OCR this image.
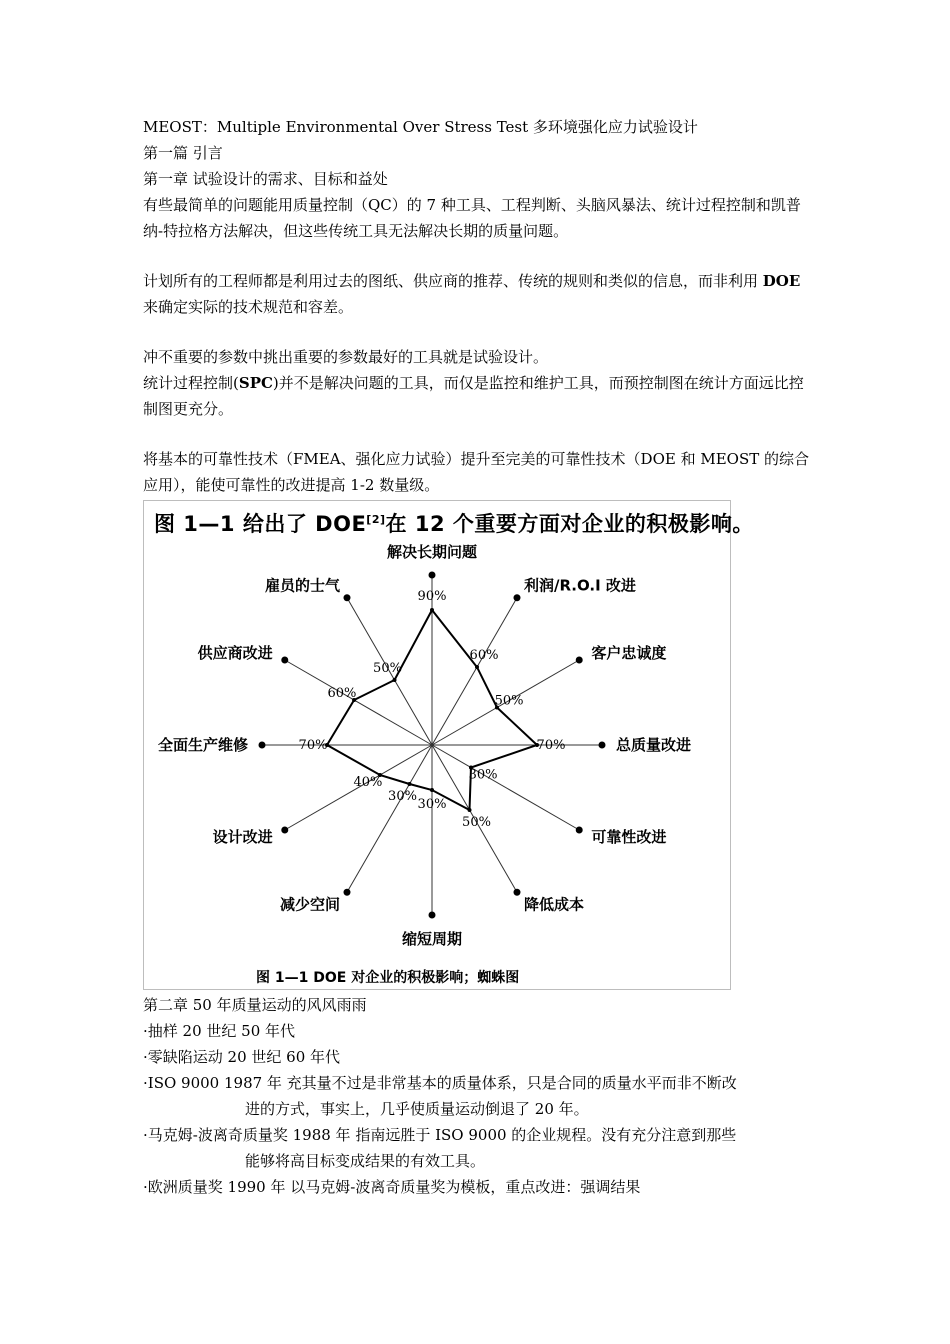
MEOST：Multiple Environmental Over Stress Test 多环境强化应力试验设计
第一篇 引言
第一章 试验设计的需求、目标和益处
有些最简单的问题能用质量控制（QC）的 7 种工具、工程判断、头脑风暴法、统计过程控制和凯普纳-特拉格方法解决，但这些传统工具无法解决长期的质量问题。
计划所有的工程师都是利用过去的图纸、供应商的推荐、传统的规则和类似的信息，而非利用 DOE 来确定实际的技术规范和容差。
冲不重要的参数中挑出重要的参数最好的工具就是试验设计。
统计过程控制(SPC)并不是解决问题的工具，而仅是监控和维护工具，而预控制图在统计方面远比控制图更充分。
将基本的可靠性技术（FMEA、强化应力试验）提升至完美的可靠性技术（DOE 和 MEOST 的综合应用），能使可靠性的改进提高 1-2 数量级。
图 1—1 给出了 DOE[2]在 12 个重要方面对企业的积极影响。
90%
60%
50%
70%
30%
50%
30%
30%
40%
70%
60%
50%
解决长期问题
利润/R.O.I 改进
客户忠诚度
总质量改进
可靠性改进
降低成本
缩短周期
减少空间
设计改进
全面生产维修
供应商改进
雇员的士气
图 1—1 DOE 对企业的积极影响；蜘蛛图
第二章 50 年质量运动的风风雨雨
·抽样 20 世纪 50 年代
·零缺陷运动 20 世纪 60 年代
·ISO 9000 1987 年 充其量不过是非常基本的质量体系，只是合同的质量水平而非不断改
进的方式，事实上，几乎使质量运动倒退了 20 年。
·马克姆-波离奇质量奖 1988 年 指南远胜于 ISO 9000 的企业规程。没有充分注意到那些
能够将高目标变成结果的有效工具。
·欧洲质量奖 1990 年 以马克姆-波离奇质量奖为模板，重点改进：强调结果
